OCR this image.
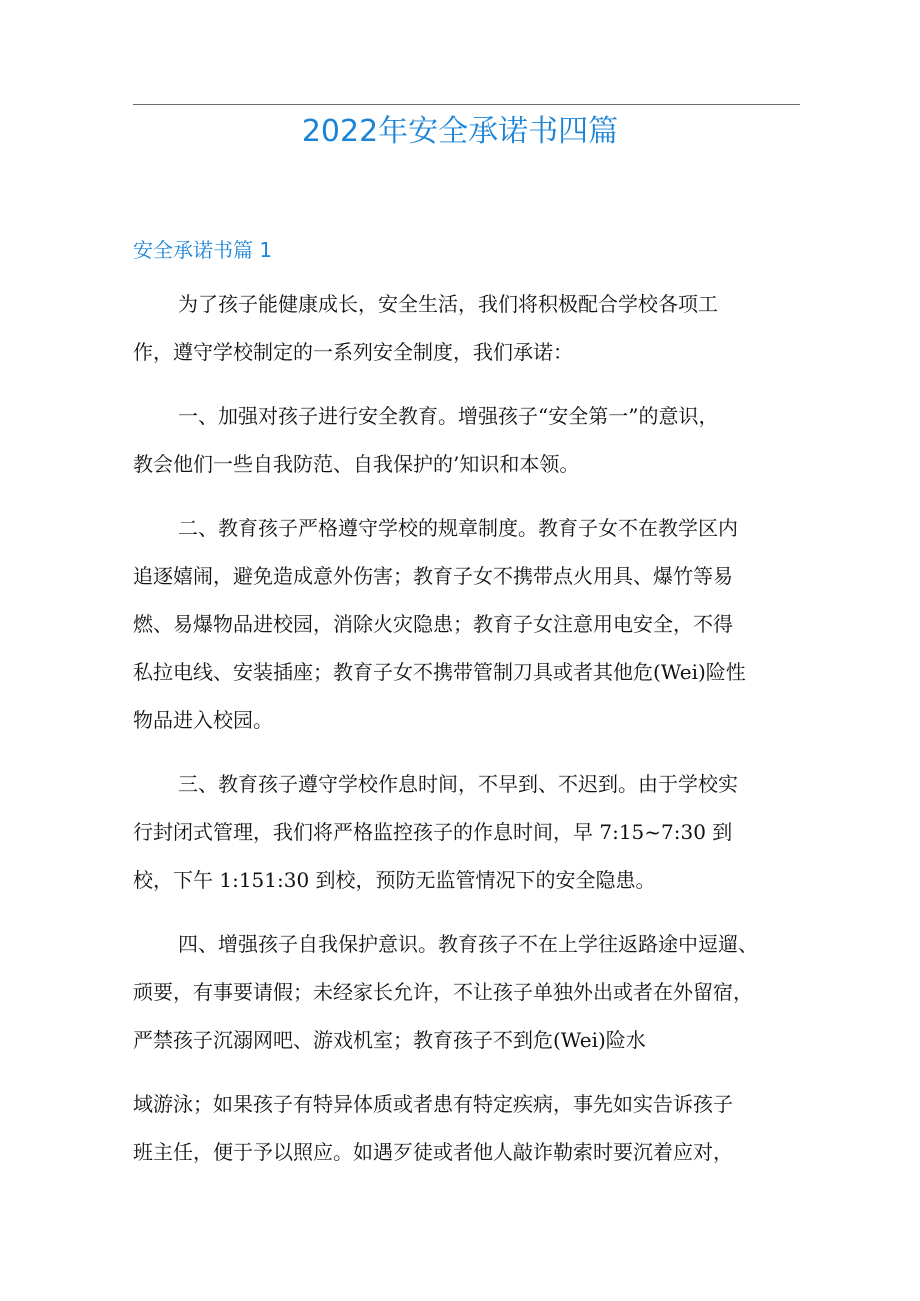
2022年安全承诺书四篇
安全承诺书篇 1

为了孩子能健康成长，安全生活，我们将积极配合学校各项工
作，遵守学校制定的一系列安全制度，我们承诺：

一、加强对孩子进行安全教育。增强孩子“安全第一”的意识，
教会他们一些自我防范、自我保护的’知识和本领。

二、教育孩子严格遵守学校的规章制度。教育子女不在教学区内
追逐嬉闹，避免造成意外伤害；教育子女不携带点火用具、爆竹等易
燃、易爆物品进校园，消除火灾隐患；教育子女注意用电安全，不得
私拉电线、安装插座；教育子女不携带管制刀具或者其他危(Wei)险性
物品进入校园。

三、教育孩子遵守学校作息时间，不早到、不迟到。由于学校实
行封闭式管理，我们将严格监控孩子的作息时间，早 7:15~7:30 到
校，下午 1:151:30 到校，预防无监管情况下的安全隐患。

四、增强孩子自我保护意识。教育孩子不在上学往返路途中逗遛、
顽要，有事要请假；未经家长允许，不让孩子单独外出或者在外留宿，
严禁孩子沉溺网吧、游戏机室；教育孩子不到危(Wei)险水

域游泳；如果孩子有特异体质或者患有特定疾病，事先如实告诉孩子
班主任，便于予以照应。如遇歹徒或者他人敲诈勒索时要沉着应对，
